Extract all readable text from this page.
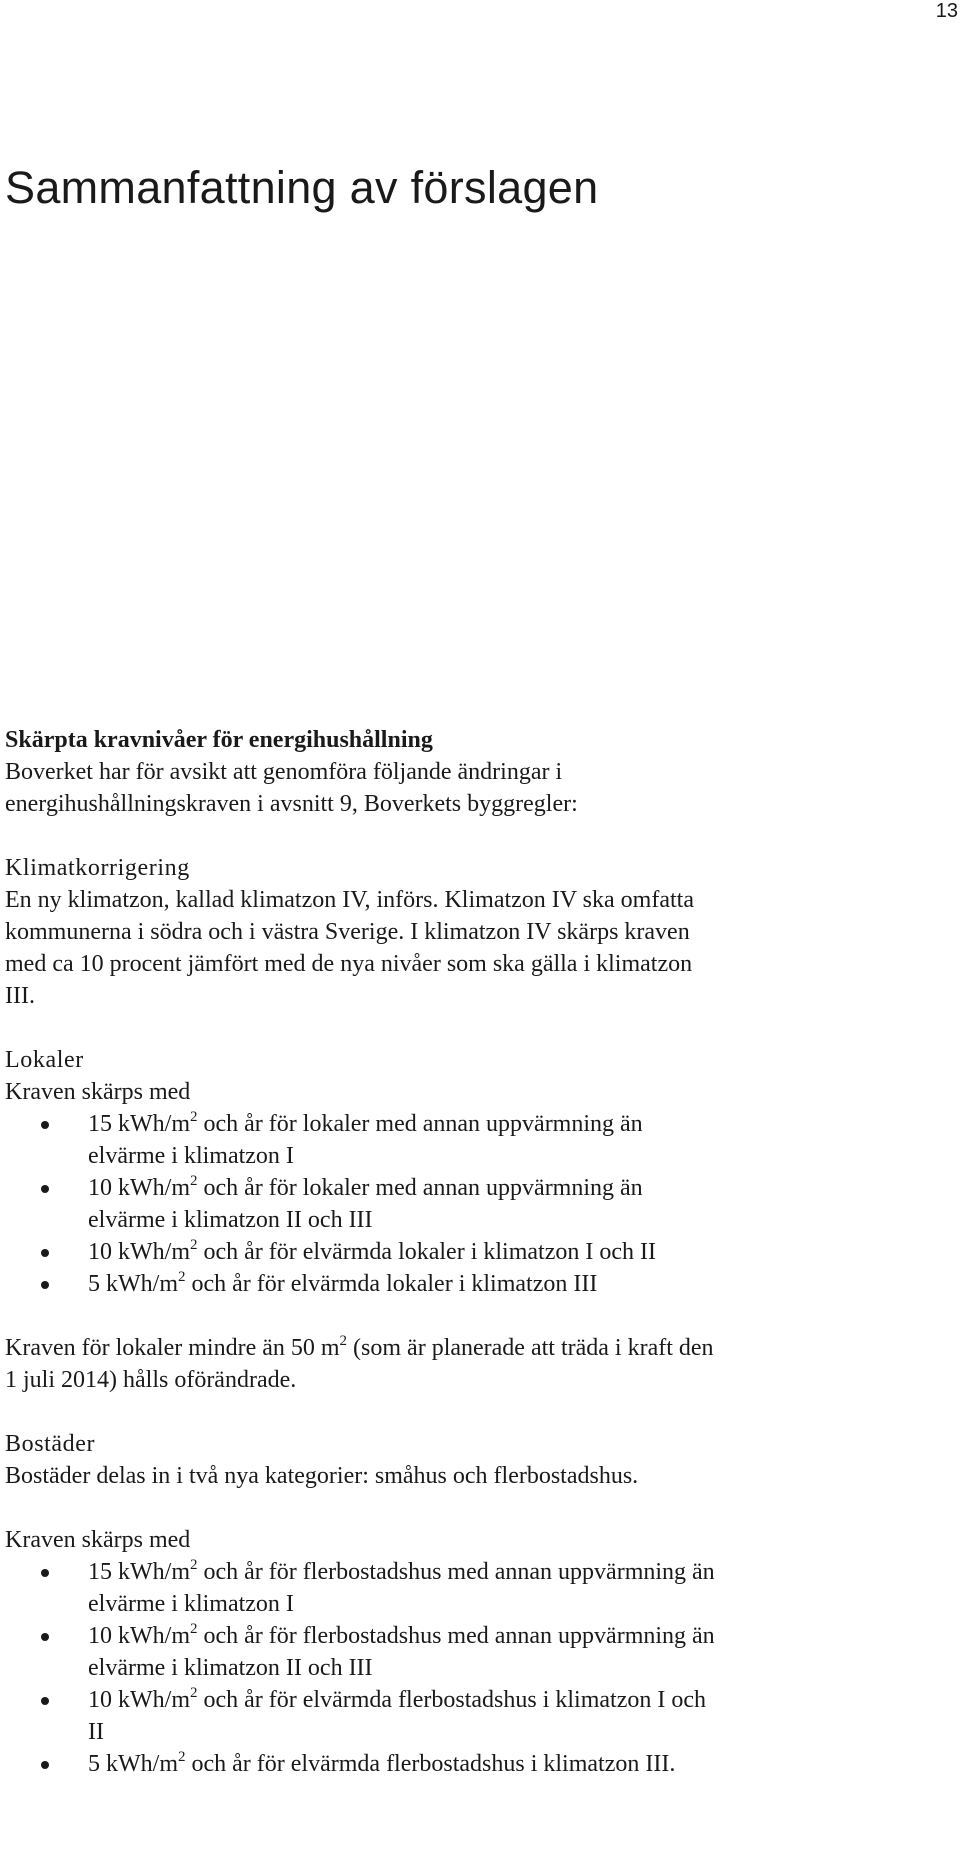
13
Sammanfattning av förslagen
Skärpta kravnivåer för energihushållning
Boverket har för avsikt att genomföra följande ändringar i
energihushållningskraven i avsnitt 9, Boverkets byggregler:
Klimatkorrigering
En ny klimatzon, kallad klimatzon IV, införs. Klimatzon IV ska omfatta
kommunerna i södra och i västra Sverige. I klimatzon IV skärps kraven
med ca 10 procent jämfört med de nya nivåer som ska gälla i klimatzon
III.
Lokaler
Kraven skärps med
15 kWh/$m^2$ och år för lokaler med annan uppvärmning än
elvärme i klimatzon I
10 kWh/$m^2$ och år för lokaler med annan uppvärmning än
elvärme i klimatzon II och III
10 kWh/$m^2$ och år för elvärmda lokaler i klimatzon I och II
5 kWh/$m^2$ och år för elvärmda lokaler i klimatzon III
Kraven för lokaler mindre än 50 $m^2$ (som är planerade att träda i kraft den
1 juli 2014) hålls oförändrade.
Bostäder
Bostäder delas in i två nya kategorier: småhus och flerbostadshus.
Kraven skärps med
15 kWh/$m^2$ och år för flerbostadshus med annan uppvärmning än
elvärme i klimatzon I
10 kWh/$m^2$ och år för flerbostadshus med annan uppvärmning än
elvärme i klimatzon II och III
10 kWh/$m^2$ och år för elvärmda flerbostadshus i klimatzon I och
II
5 kWh/$m^2$ och år för elvärmda flerbostadshus i klimatzon III.
